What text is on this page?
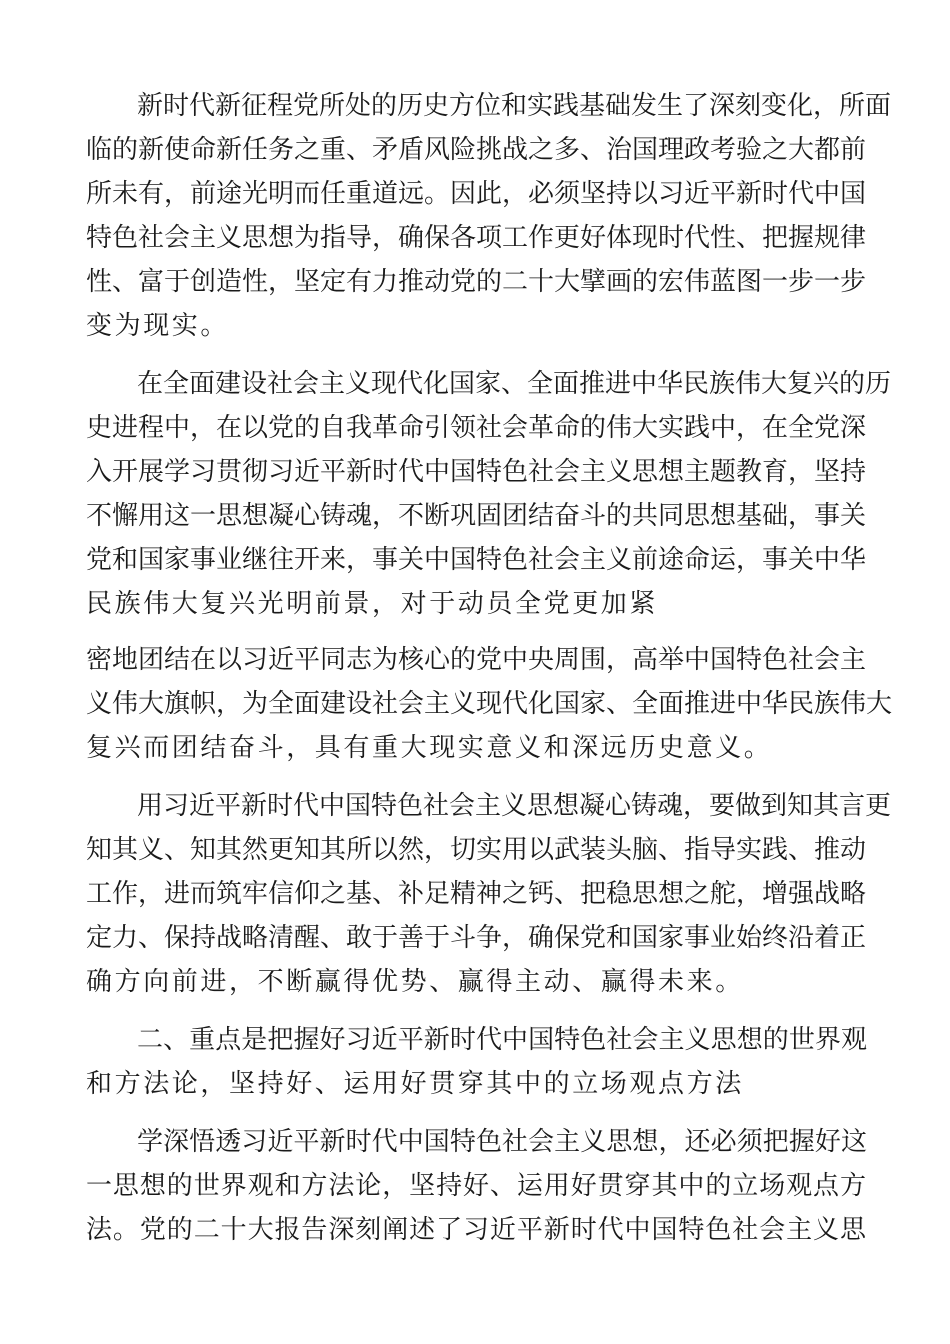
新时代新征程党所处的历史方位和实践基础发生了深刻变化，所面
临的新使命新任务之重、矛盾风险挑战之多、治国理政考验之大都前
所未有，前途光明而任重道远。因此，必须坚持以习近平新时代中国
特色社会主义思想为指导，确保各项工作更好体现时代性、把握规律
性、富于创造性，坚定有力推动党的二十大擘画的宏伟蓝图一步一步
变为现实。
在全面建设社会主义现代化国家、全面推进中华民族伟大复兴的历
史进程中，在以党的自我革命引领社会革命的伟大实践中，在全党深
入开展学习贯彻习近平新时代中国特色社会主义思想主题教育，坚持
不懈用这一思想凝心铸魂，不断巩固团结奋斗的共同思想基础，事关
党和国家事业继往开来，事关中国特色社会主义前途命运，事关中华
民族伟大复兴光明前景，对于动员全党更加紧
密地团结在以习近平同志为核心的党中央周围，高举中国特色社会主
义伟大旗帜，为全面建设社会主义现代化国家、全面推进中华民族伟大
复兴而团结奋斗，具有重大现实意义和深远历史意义。
用习近平新时代中国特色社会主义思想凝心铸魂，要做到知其言更
知其义、知其然更知其所以然，切实用以武装头脑、指导实践、推动
工作，进而筑牢信仰之基、补足精神之钙、把稳思想之舵，增强战略
定力、保持战略清醒、敢于善于斗争，确保党和国家事业始终沿着正
确方向前进，不断赢得优势、赢得主动、赢得未来。
二、重点是把握好习近平新时代中国特色社会主义思想的世界观
和方法论，坚持好、运用好贯穿其中的立场观点方法
学深悟透习近平新时代中国特色社会主义思想，还必须把握好这
一思想的世界观和方法论，坚持好、运用好贯穿其中的立场观点方
法。党的二十大报告深刻阐述了习近平新时代中国特色社会主义思
